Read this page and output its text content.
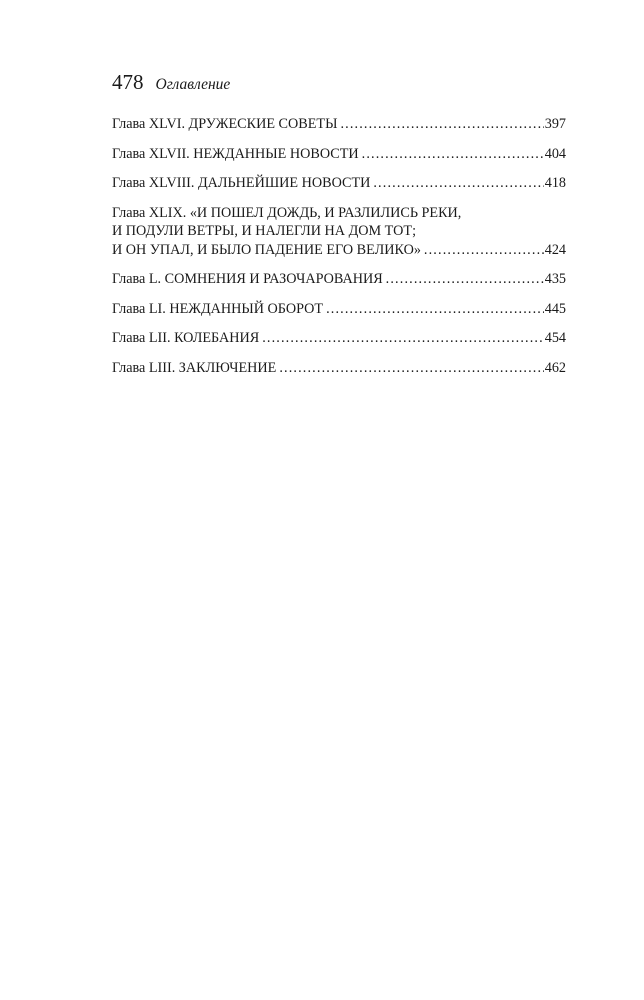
478 Оглавление
Глава XLVI. ДРУЖЕСКИЕ СОВЕТЫ . . .	397
Глава XLVII. НЕЖДАННЫЕ НОВОСТИ . . .	404
Глава XLVIII. ДАЛЬНЕЙШИЕ НОВОСТИ . . .	418
Глава XLIX. «И ПОШЕЛ ДОЖДЬ, И РАЗЛИЛИСЬ РЕКИ,
И ПОДУЛИ ВЕТРЫ, И НАЛЕГЛИ НА ДОМ ТОТ;
И ОН УПАЛ, И БЫЛО ПАДЕНИЕ ЕГО ВЕЛИКО» . . .	424
Глава L. СОМНЕНИЯ И РАЗОЧАРОВАНИЯ . . .	435
Глава LI. НЕЖДАННЫЙ ОБОРОТ . . .	445
Глава LII. КОЛЕБАНИЯ . . .	454
Глава LIII. ЗАКЛЮЧЕНИЕ . . .	462
